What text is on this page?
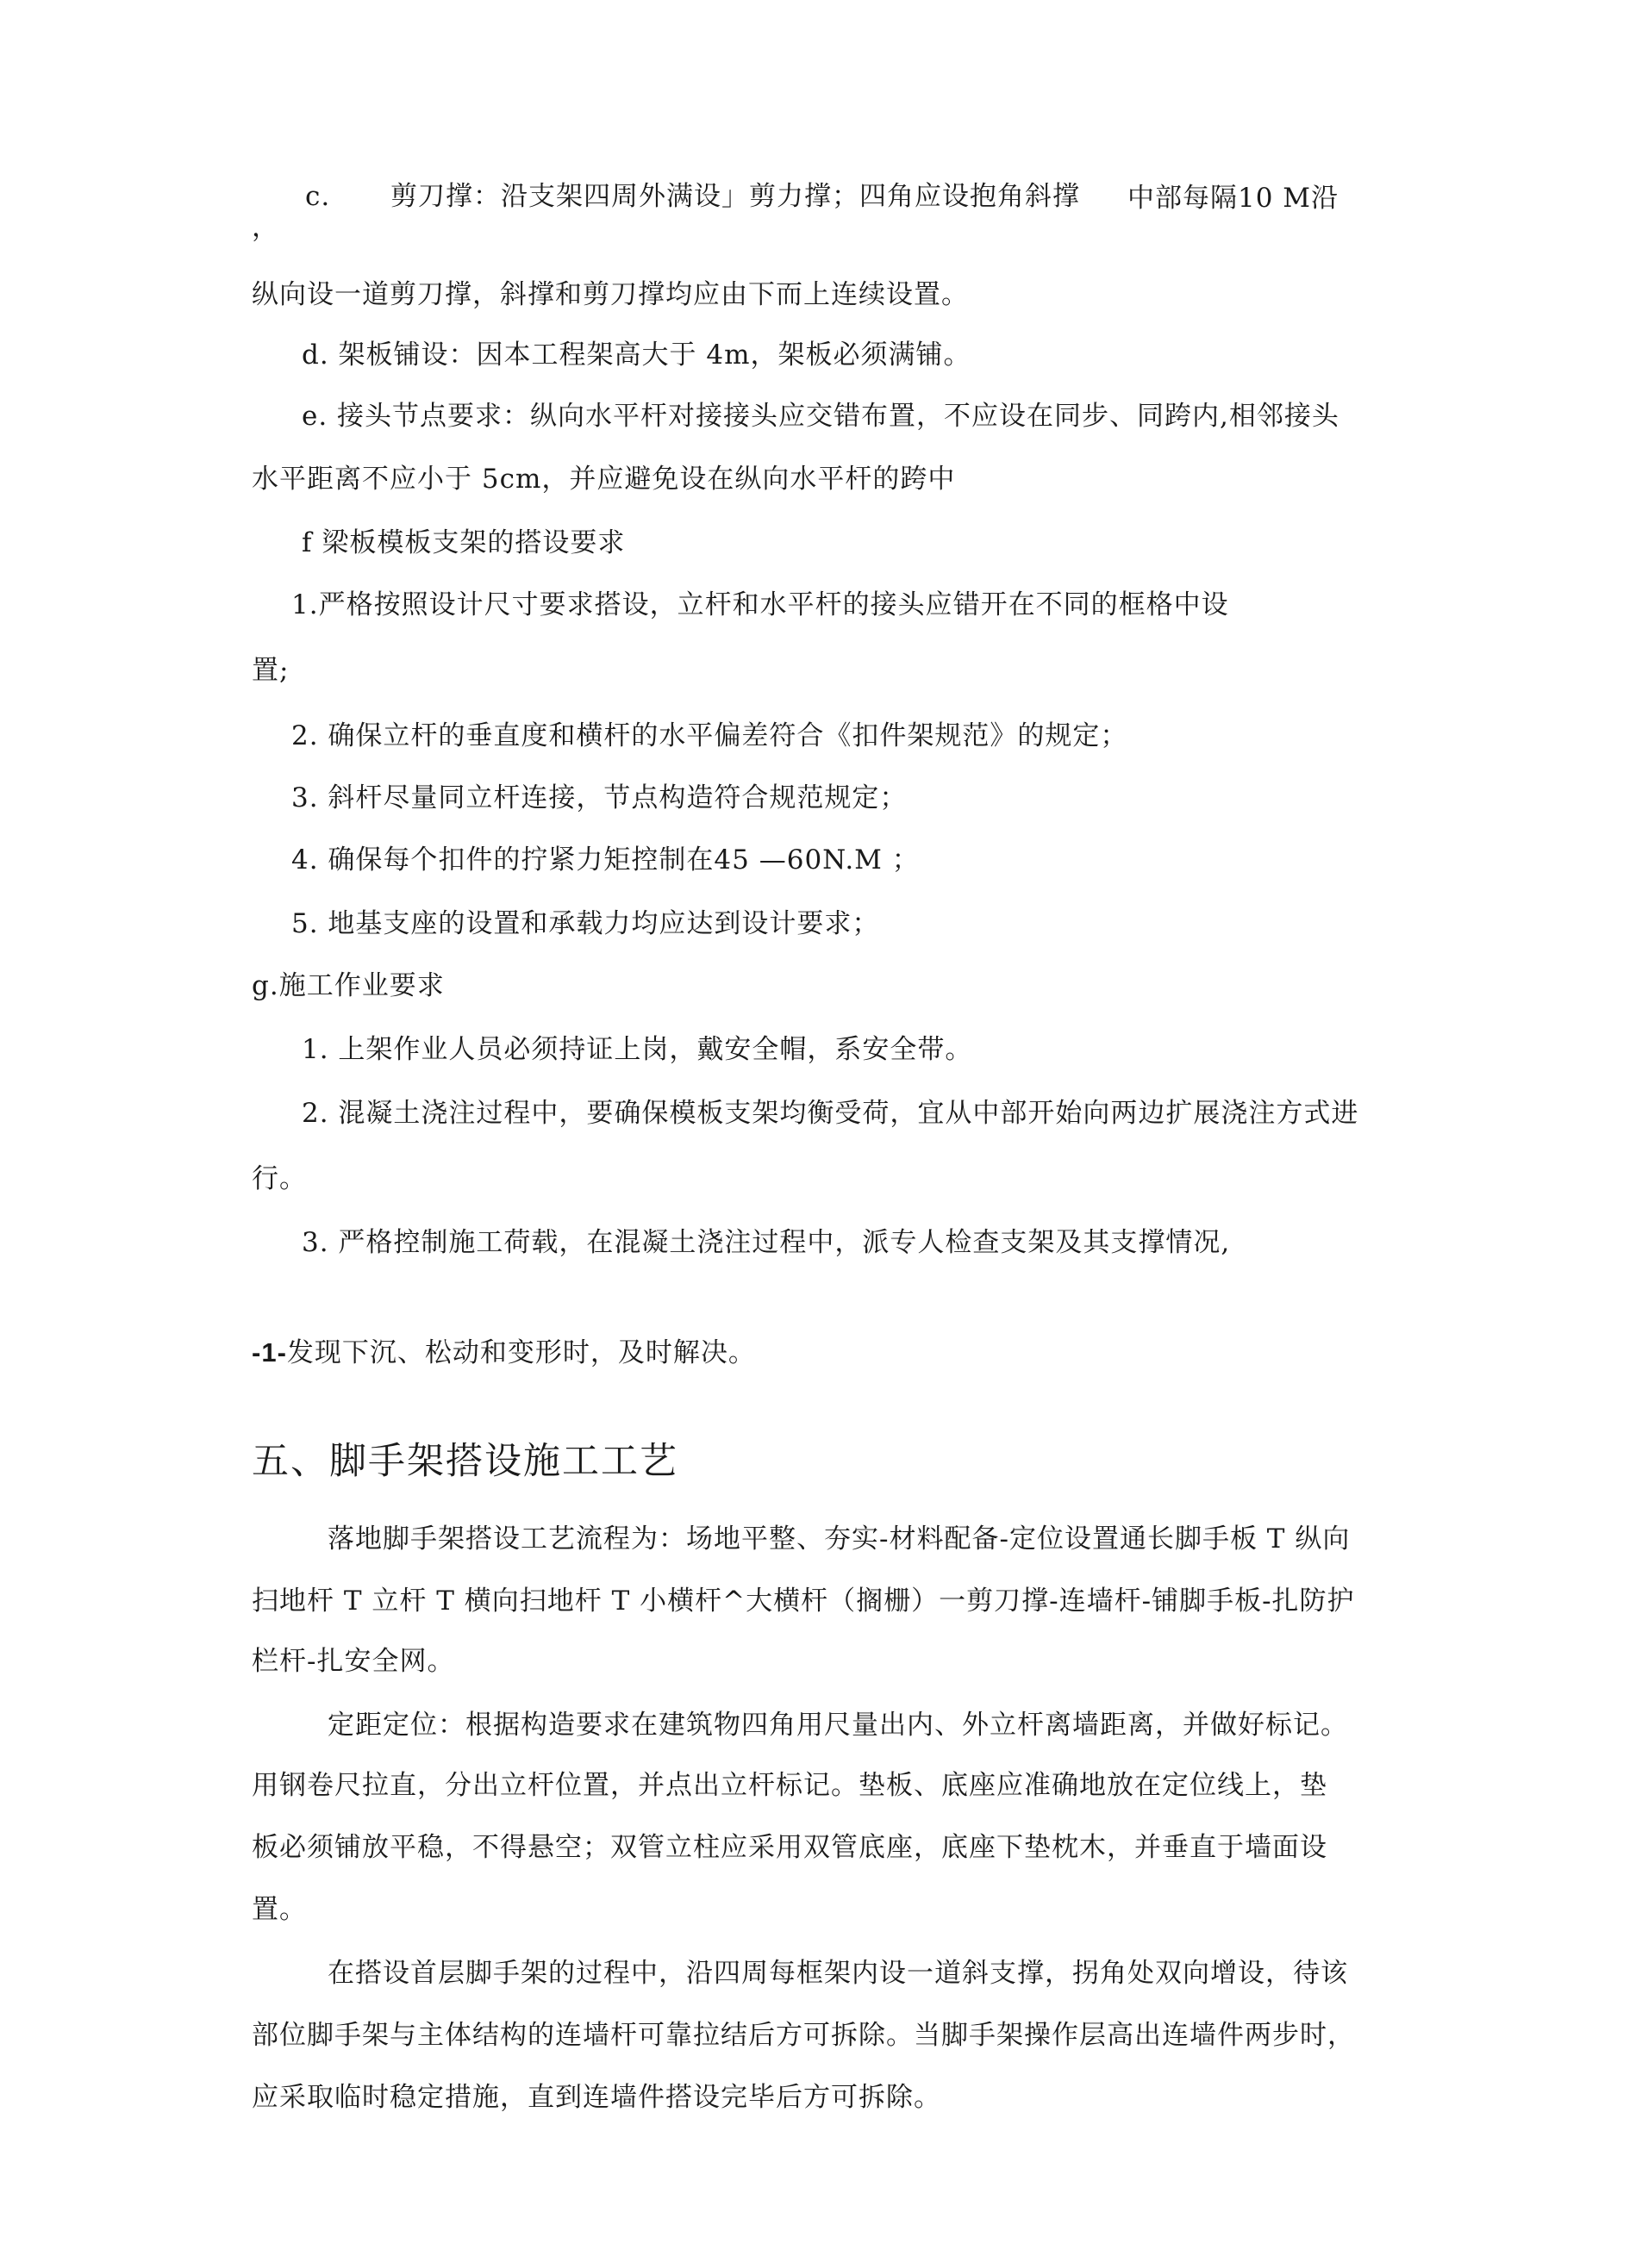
c. 剪刀撑：沿支架四周外满设」剪力撑；四角应设抱角斜撑 中部每隔10 M沿
，
纵向设一道剪刀撑，斜撑和剪刀撑均应由下而上连续设置。
d. 架板铺设：因本工程架高大于 4m，架板必须满铺。
e. 接头节点要求：纵向水平杆对接接头应交错布置，不应设在同步、同跨内,相邻接头
水平距离不应小于 5cm，并应避免设在纵向水平杆的跨中
f 梁板模板支架的搭设要求
1.严格按照设计尺寸要求搭设，立杆和水平杆的接头应错开在不同的框格中设
置;
2. 确保立杆的垂直度和横杆的水平偏差符合《扣件架规范》的规定；
3. 斜杆尽量同立杆连接，节点构造符合规范规定；
4. 确保每个扣件的拧紧力矩控制在45 —60N.M ；
5. 地基支座的设置和承载力均应达到设计要求；
g.施工作业要求
1. 上架作业人员必须持证上岗，戴安全帽，系安全带。
2. 混凝土浇注过程中，要确保模板支架均衡受荷，宜从中部开始向两边扩展浇注方式进
行。
3. 严格控制施工荷载，在混凝土浇注过程中，派专人检查支架及其支撑情况,
-1-发现下沉、松动和变形时，及时解决。
五、脚手架搭设施工工艺
落地脚手架搭设工艺流程为：场地平整、夯实-材料配备-定位设置通长脚手板 T 纵向
扫地杆 T 立杆 T 横向扫地杆 T 小横杆^大横杆（搁栅）一剪刀撑-连墙杆-铺脚手板-扎防护
栏杆-扎安全网。
定距定位：根据构造要求在建筑物四角用尺量出内、外立杆离墙距离，并做好标记。
用钢卷尺拉直，分出立杆位置，并点出立杆标记。垫板、底座应准确地放在定位线上，垫
板必须铺放平稳，不得悬空；双管立柱应采用双管底座，底座下垫枕木，并垂直于墙面设
置。
在搭设首层脚手架的过程中，沿四周每框架内设一道斜支撑，拐角处双向增设，待该
部位脚手架与主体结构的连墙杆可靠拉结后方可拆除。当脚手架操作层高出连墙件两步时，
应采取临时稳定措施，直到连墙件搭设完毕后方可拆除。
